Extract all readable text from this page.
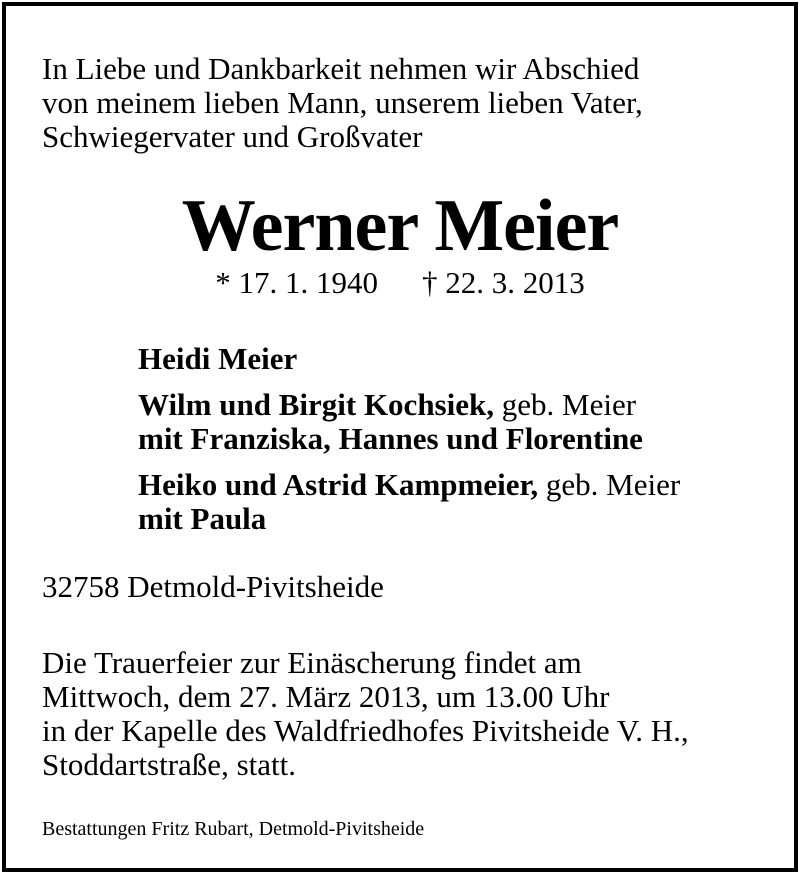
In Liebe und Dankbarkeit nehmen wir Abschied
von meinem lieben Mann, unserem lieben Vater,
Schwiegervater und Großvater
Werner Meier
* 17. 1. 1940 † 22. 3. 2013
Heidi Meier
Wilm und Birgit Kochsiek, geb. Meier
mit Franziska, Hannes und Florentine
Heiko und Astrid Kampmeier, geb. Meier
mit Paula
32758 Detmold-Pivitsheide
Die Trauerfeier zur Einäscherung findet am
Mittwoch, dem 27. März 2013, um 13.00 Uhr
in der Kapelle des Waldfriedhofes Pivitsheide V. H.,
Stoddartstraße, statt.
Bestattungen Fritz Rubart, Detmold-Pivitsheide
